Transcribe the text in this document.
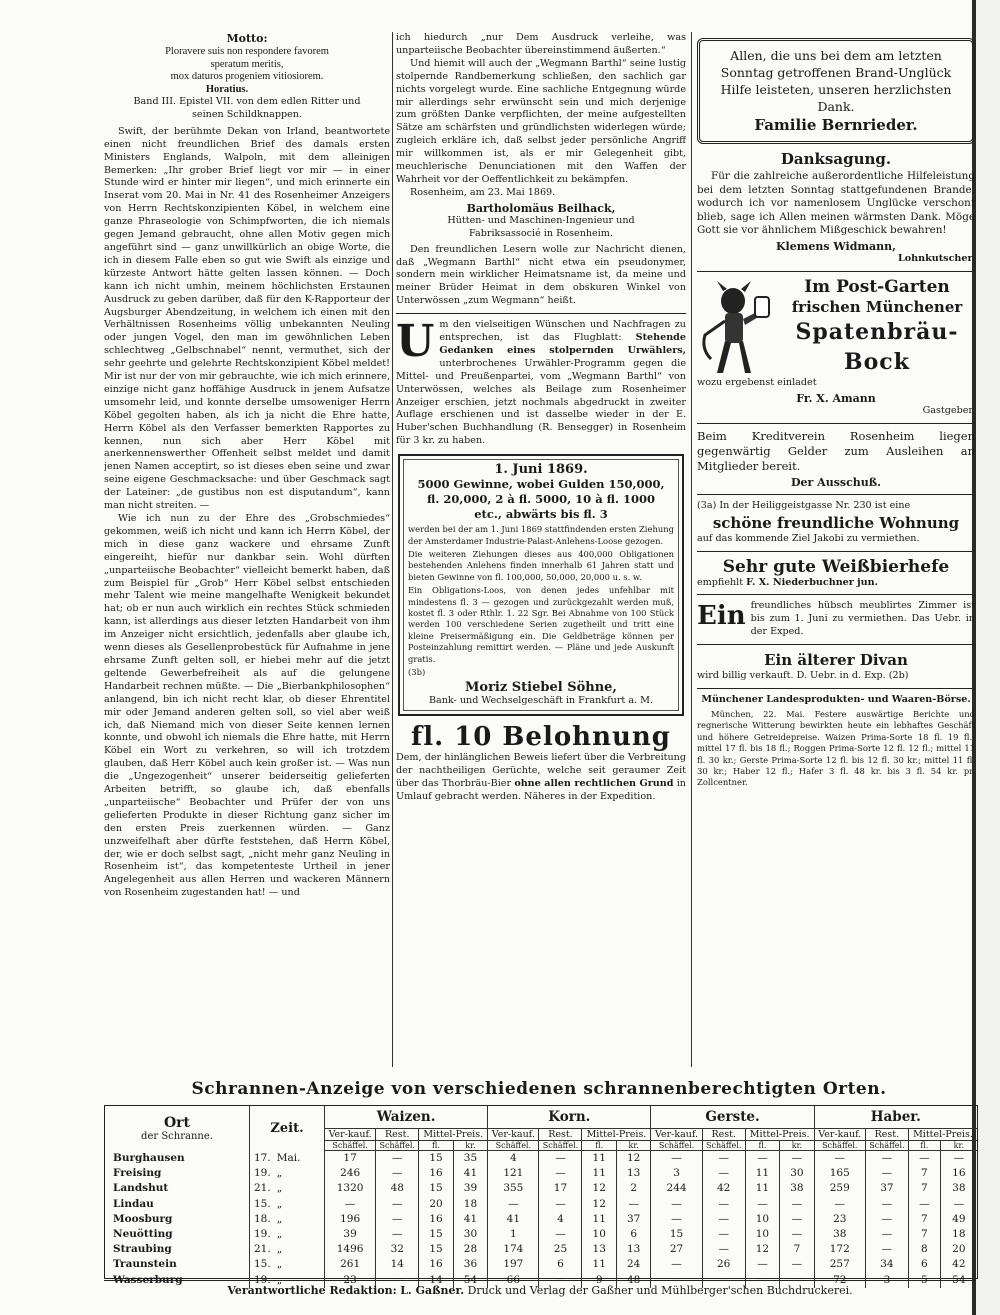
Motto:

Ploravere suis non respondere favorem

speratum meritis,

mox daturos progeniem vitiosiorem.

Horatius.

Band III. Epistel VII. von dem edlen Ritter und seinen Schildknappen.

Swift, der berühmte Dekan von Irland, beantwortete einen nicht freundlichen Brief des damals ersten Ministers Englands, Walpoln, mit dem alleinigen Bemerken: „Ihr grober Brief liegt vor mir — in einer Stunde wird er hinter mir liegen“, und mich erinnerte ein Inserat vom 20. Mai in Nr. 41 des Rosenheimer Anzeigers von Herrn Rechtskonzipienten Köbel, in welchem eine ganze Phraseologie von Schimpfworten, die ich niemals gegen Jemand gebraucht, ohne allen Motiv gegen mich angeführt sind — ganz unwillkürlich an obige Worte, die ich in diesem Falle eben so gut wie Swift als einzige und kürzeste Antwort hätte gelten lassen können. — Doch kann ich nicht umhin, meinem höchlichsten Erstaunen Ausdruck zu geben darüber, daß für den K-Rapporteur der Augsburger Abendzeitung, in welchem ich einen mit den Verhältnissen Rosenheims völlig unbekannten Neuling oder jungen Vogel, den man im gewöhnlichen Leben schlechtweg „Gelbschnabel“ nennt, vermuthet, sich der sehr geehrte und gelehrte Rechtskonzipient Köbel meldet! Mir ist nur der von mir gebrauchte, wie ich mich erinnere, einzige nicht ganz hoffähige Ausdruck in jenem Aufsatze umsomehr leid, und konnte derselbe umsoweniger Herrn Köbel gegolten haben, als ich ja nicht die Ehre hatte, Herrn Köbel als den Verfasser bemerkten Rapportes zu kennen, nun sich aber Herr Köbel mit anerkennenswerther Offenheit selbst meldet und damit jenen Namen acceptirt, so ist dieses eben seine und zwar seine eigene Geschmacksache: und über Geschmack sagt der Lateiner: „de gustibus non est disputandum“, kann man nicht streiten. —

Wie ich nun zu der Ehre des „Grobschmiedes“ gekommen, weiß ich nicht und kann ich Herrn Köbel, der mich in diese ganz wackere und ehrsame Zunft eingereiht, hiefür nur dankbar sein. Wohl dürften „unparteiische Beobachter“ vielleicht bemerkt haben, daß zum Beispiel für „Grob“ Herr Köbel selbst entschieden mehr Talent wie meine mangelhafte Wenigkeit bekundet hat; ob er nun auch wirklich ein rechtes Stück schmieden kann, ist allerdings aus dieser letzten Handarbeit von ihm im Anzeiger nicht ersichtlich, jedenfalls aber glaube ich, wenn dieses als Gesellenprobestück für Aufnahme in jene ehrsame Zunft gelten soll, er hiebei mehr auf die jetzt geltende Gewerbefreiheit als auf die gelungene Handarbeit rechnen müßte. — Die „Bierbankphilosophen“ anlangend, bin ich nicht recht klar, ob dieser Ehrentitel mir oder Jemand anderen gelten soll, so viel aber weiß ich, daß Niemand mich von dieser Seite kennen lernen konnte, und obwohl ich niemals die Ehre hatte, mit Herrn Köbel ein Wort zu verkehren, so will ich trotzdem glauben, daß Herr Köbel auch kein großer ist. — Was nun die „Ungezogenheit“ unserer beiderseitig gelieferten Arbeiten betrifft, so glaube ich, daß ebenfalls „unparteiische“ Beobachter und Prüfer der von uns gelieferten Produkte in dieser Richtung ganz sicher im den ersten Preis zuerkennen würden. — Ganz unzweifelhaft aber dürfte feststehen, daß Herrn Köbel, der, wie er doch selbst sagt, „nicht mehr ganz Neuling in Rosenheim ist“, das kompetenteste Urtheil in jener Angelegenheit aus allen Herren und wackeren Männern von Rosenheim zugestanden hat! — und

ich hiedurch „nur Dem Ausdruck verleihe, was unparteiische Beobachter übereinstimmend äußerten.“

Und hiemit will auch der „Wegmann Barthl“ seine lustig stolpernde Randbemerkung schließen, den sachlich gar nichts vorgelegt wurde. Eine sachliche Entgegnung würde mir allerdings sehr erwünscht sein und mich derjenige zum größten Danke verpflichten, der meine aufgestellten Sätze am schärfsten und gründlichsten widerlegen würde; zugleich erkläre ich, daß selbst jeder persönliche Angriff mir willkommen ist, als er mir Gelegenheit gibt, meuchlerische Denunciationen mit den Waffen der Wahrheit vor der Oeffentlichkeit zu bekämpfen.

Rosenheim, am 23. Mai 1869.

Bartholomäus Beilhack,

Hütten- und Maschinen-Ingenieur und

Fabriksassocié in Rosenheim.

Den freundlichen Lesern wolle zur Nachricht dienen, daß „Wegmann Barthl“ nicht etwa ein pseudonymer, sondern mein wirklicher Heimatsname ist, da meine und meiner Brüder Heimat in dem obskuren Winkel von Unterwössen „zum Wegmann“ heißt.

U m den vielseitigen Wünschen und Nachfragen zu entsprechen, ist das Flugblatt: Stehende Gedanken eines stolpernden Urwählers, unterbrochenes Urwähler-Programm gegen die Mittel- und Preußenpartei, vom „Wegmann Barthl“ von Unterwössen, welches als Beilage zum Rosenheimer Anzeiger erschien, jetzt nochmals abgedruckt in zweiter Auflage erschienen und ist dasselbe wieder in der E. Huber'schen Buchhandlung (R. Bensegger) in Rosenheim für 3 kr. zu haben.

1. Juni 1869.

5000 Gewinne, wobei Gulden 150,000,

fl. 20,000, 2 à fl. 5000, 10 à fl. 1000

etc., abwärts bis fl. 3

werden bei der am 1. Juni 1869 stattfindenden ersten Ziehung der Amsterdamer Industrie-Palast-Anlehens-Loose gezogen.

Die weiteren Ziehungen dieses aus 400,000 Obligationen bestehenden Anlehens finden innerhalb 61 Jahren statt und bieten Gewinne von fl. 100,000, 50,000, 20,000 u. s. w.

Ein Obligations-Loos, von denen jedes unfehlbar mit mindestens fl. 3 — gezogen und zurückgezahlt werden muß, kostet fl. 3 oder Rthlr. 1. 22 Sgr. Bei Abnahme von 100 Stück werden 100 verschiedene Serien zugetheilt und tritt eine kleine Preisermäßigung ein. Die Geldbeträge können per Posteinzahlung remittirt werden. — Pläne und jede Auskunft gratis.

(3b)

Moriz Stiebel Söhne,

Bank- und Wechselgeschäft in Frankfurt a. M.

fl. 10 Belohnung

Dem, der hinlänglichen Beweis liefert über die Verbreitung der nachtheiligen Gerüchte, welche seit geraumer Zeit über das Thorbräu-Bier ohne allen rechtlichen Grund in Umlauf gebracht werden. Näheres in der Expedition.

Allen, die uns bei dem am letzten Sonntag getroffenen Brand-Unglück Hilfe leisteten, unseren herzlichsten Dank.

Familie Bernrieder.

Danksagung.

Für die zahlreiche außerordentliche Hilfeleistung bei dem letzten Sonntag stattgefundenen Brande, wodurch ich vor namenlosem Unglücke verschont blieb, sage ich Allen meinen wärmsten Dank. Möge Gott sie vor ähnlichem Mißgeschick bewahren!

Klemens Widmann,

Lohnkutscher.

Im Post-Garten

frischen Münchener

Spatenbräu-Bock

wozu ergebenst einladet

Fr. X. Amann

Gastgeber.

Beim Kreditverein Rosenheim liegen gegenwärtig Gelder zum Ausleihen an Mitglieder bereit.

Der Ausschuß.

(3a) In der Heiliggeistgasse Nr. 230 ist eine

schöne freundliche Wohnung

auf das kommende Ziel Jakobi zu vermiethen.

Sehr gute Weißbierhefe

empfiehlt F. X. Niederbuchner jun.

Ein freundliches hübsch meublirtes Zimmer ist bis zum 1. Juni zu vermiethen. Das Uebr. in der Exped.

Ein älterer Divan

wird billig verkauft. D. Uebr. in d. Exp. (2b)

Münchener Landesprodukten- und Waaren-Börse.

München, 22. Mai. Festere auswärtige Berichte und regnerische Witterung bewirkten heute ein lebhaftes Geschäft und höhere Getreidepreise. Waizen Prima-Sorte 18 fl. 19 fl.; mittel 17 fl. bis 18 fl.; Roggen Prima-Sorte 12 fl. 12 fl.; mittel 11 fl. 30 kr.; Gerste Prima-Sorte 12 fl. bis 12 fl. 30 kr.; mittel 11 fl. 30 kr.; Haber 12 fl.; Hafer 3 fl. 48 kr. bis 3 fl. 54 kr. pr. Zollcentner.

Schrannen-Anzeige von verschiedenen schrannenberechtigten Orten.
Ort
der Schranne.	Zeit.	Waizen.				Korn.				Gerste.				Haber.			
		Ver-kauf.	Rest.	Mittel-Preis.		Ver-kauf.	Rest.	Mittel-Preis.		Ver-kauf.	Rest.	Mittel-Preis.		Ver-kauf.	Rest.	Mittel-Preis.	
		Schäffel.	Schäffel.	fl.	kr.	Schäffel.	Schäffel.	fl.	kr.	Schäffel.	Schäffel.	fl.	kr.	Schäffel.	Schäffel.	fl.	kr.
Burghausen	17. Mai.	17	—	15	35	4	—	11	12	—	—	—	—	—	—	—	—
Freising	19. „	246	—	16	41	121	—	11	13	3	—	11	30	165	—	7	16
Landshut	21. „	1320	48	15	39	355	17	12	2	244	42	11	38	259	37	7	38
Lindau	15. „	—	—	20	18	—	—	12	—	—	—	—	—	—	—	—	—
Moosburg	18. „	196	—	16	41	41	4	11	37	—	—	10	—	23	—	7	49
Neuötting	19. „	39	—	15	30	1	—	10	6	15	—	10	—	38	—	7	18
Straubing	21. „	1496	32	15	28	174	25	13	13	27	—	12	7	172	—	8	20
Traunstein	15. „	261	14	16	36	197	6	11	24	—	26	—	—	257	34	6	42
Wasserburg	19. „	23	—	14	54	66	—	9	48	—	—	—	—	72	3	5	54
Verantwortliche Redaktion: L. Gaßner. Druck und Verlag der Gaßner und Mühlberger'schen Buchdruckerei.
